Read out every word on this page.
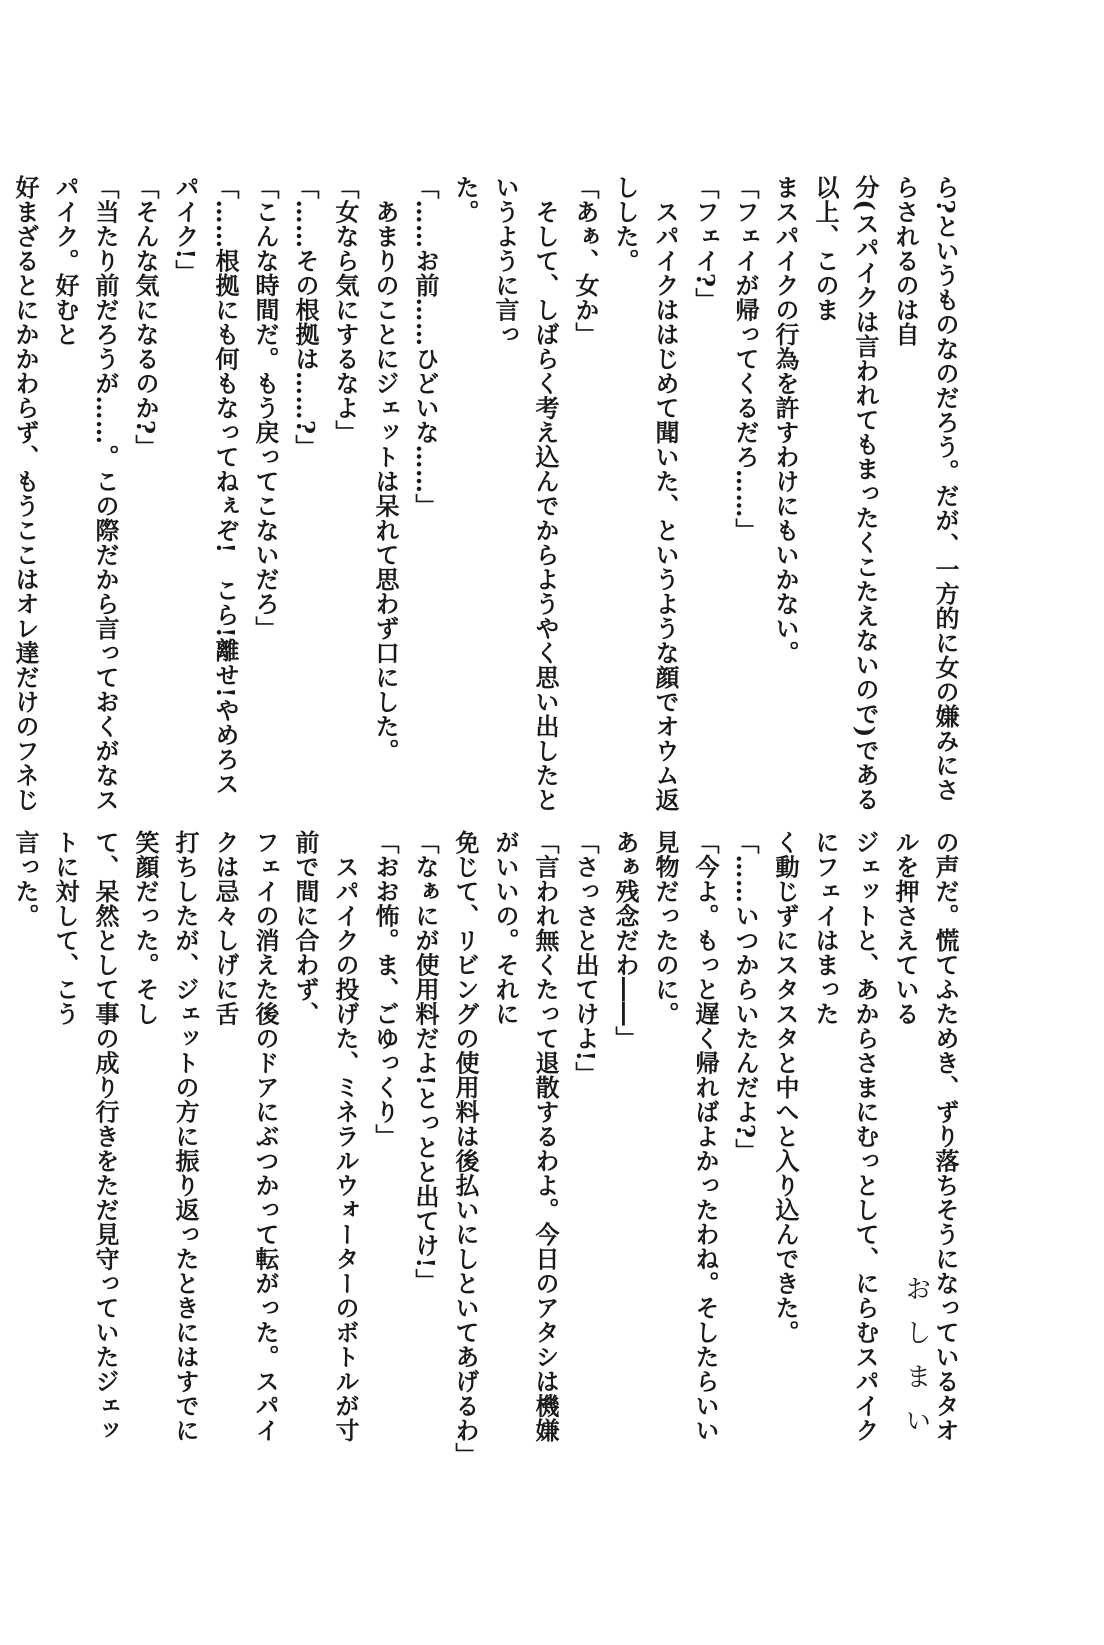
ら?というものなのだろう。だが、一方的に女の嫌みにさらされるのは自
分(スパイクは言われてもまったくこたえないので)である以上、このま
まスパイクの行為を許すわけにもいかない。
「フェイが帰ってくるだろ……」
「フェイ?」
　スパイクははじめて聞いた、というような顔でオウム返しした。
「あぁ、女か」
　そして、しばらく考え込んでからようやく思い出したというように言っ
た。
「……お前……ひどいな……」
　あまりのことにジェットは呆れて思わず口にした。
「女なら気にするなよ」
「……その根拠は……?」
「こんな時間だ。もう戻ってこないだろ」
「……根拠にも何もなってねぇぞ!　こら!離せ!やめろスパイク!」
「そんな気になるのか?」
「当たり前だろうが……。この際だから言っておくがなスパイク。好むと
好まざるとにかかわらず、もうここはオレ達だけのフネじ
の声だ。慌てふためき、ずり落ちそうになっているタオルを押さえている
ジェットと、あからさまにむっとして、にらむスパイクにフェイはまった
く動じずにスタスタと中へと入り込んできた。
「……いつからいたんだよ?」
「今よ。もっと遅く帰ればよかったわね。そしたらいい見物だったのに。
あぁ残念だわ――」
「さっさと出てけよ!」
「言われ無くたって退散するわよ。今日のアタシは機嫌がいいの。それに
免じて、リビングの使用料は後払いにしといてあげるわ」
「なぁにが使用料だよ!とっとと出てけ!」
「おお怖。ま、ごゆっくり」
　スパイクの投げた、ミネラルウォーターのボトルが寸前で間に合わず、
フェイの消えた後のドアにぶつかって転がった。スパイクは忌々しげに舌
打ちしたが、ジェットの方に振り返ったときにはすでに笑顔だった。そし
て、呆然として事の成り行きをただ見守っていたジェットに対して、こう
言った。
おしまい
